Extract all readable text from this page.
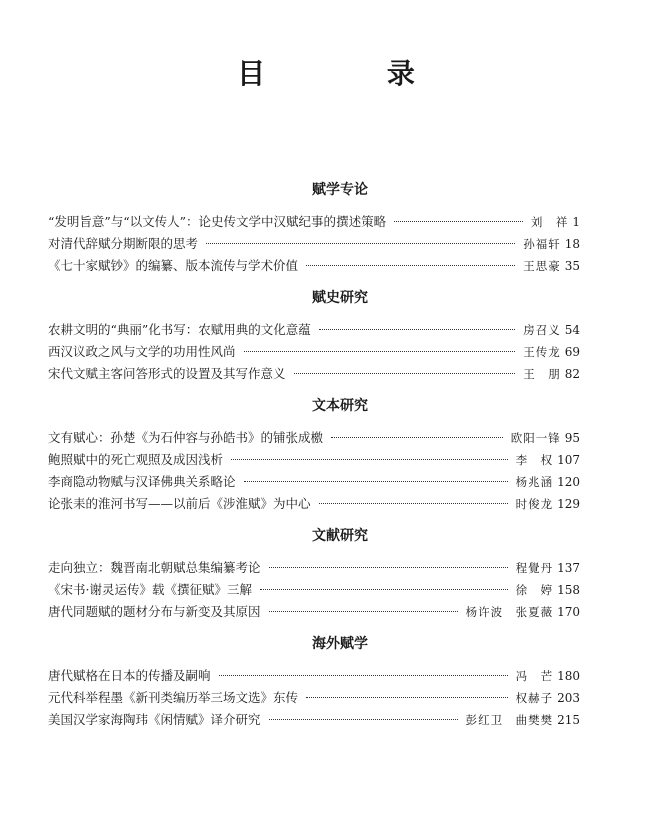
目 录
赋学专论
“发明旨意”与“以文传人”：论史传文学中汉赋纪事的撰述策略	刘　祥 1
对清代辞赋分期断限的思考	孙福轩 18
《七十家赋钞》的编纂、版本流传与学术价值	王思豪 35
赋史研究
农耕文明的“典丽”化书写：农赋用典的文化意蕴	房召义 54
西汉议政之风与文学的功用性风尚	王传龙 69
宋代文赋主客问答形式的设置及其写作意义	王　朋 82
文本研究
文有赋心：孙楚《为石仲容与孙皓书》的铺张成檄	欧阳一锋 95
鲍照赋中的死亡观照及成因浅析	李　权 107
李商隐动物赋与汉译佛典关系略论	杨兆涵 120
论张耒的淮河书写——以前后《涉淮赋》为中心	时俊龙 129
文献研究
走向独立：魏晋南北朝赋总集编纂考论	程覺丹 137
《宋书·谢灵运传》载《撰征赋》三解	徐　婷 158
唐代同题赋的题材分布与新变及其原因	杨许波　张夏薇 170
海外赋学
唐代赋格在日本的传播及嗣响	冯　芒 180
元代科举程墨《新刊类编历举三场文选》东传	权赫子 203
美国汉学家海陶玮《闲情赋》译介研究	彭红卫　曲樊樊 215
